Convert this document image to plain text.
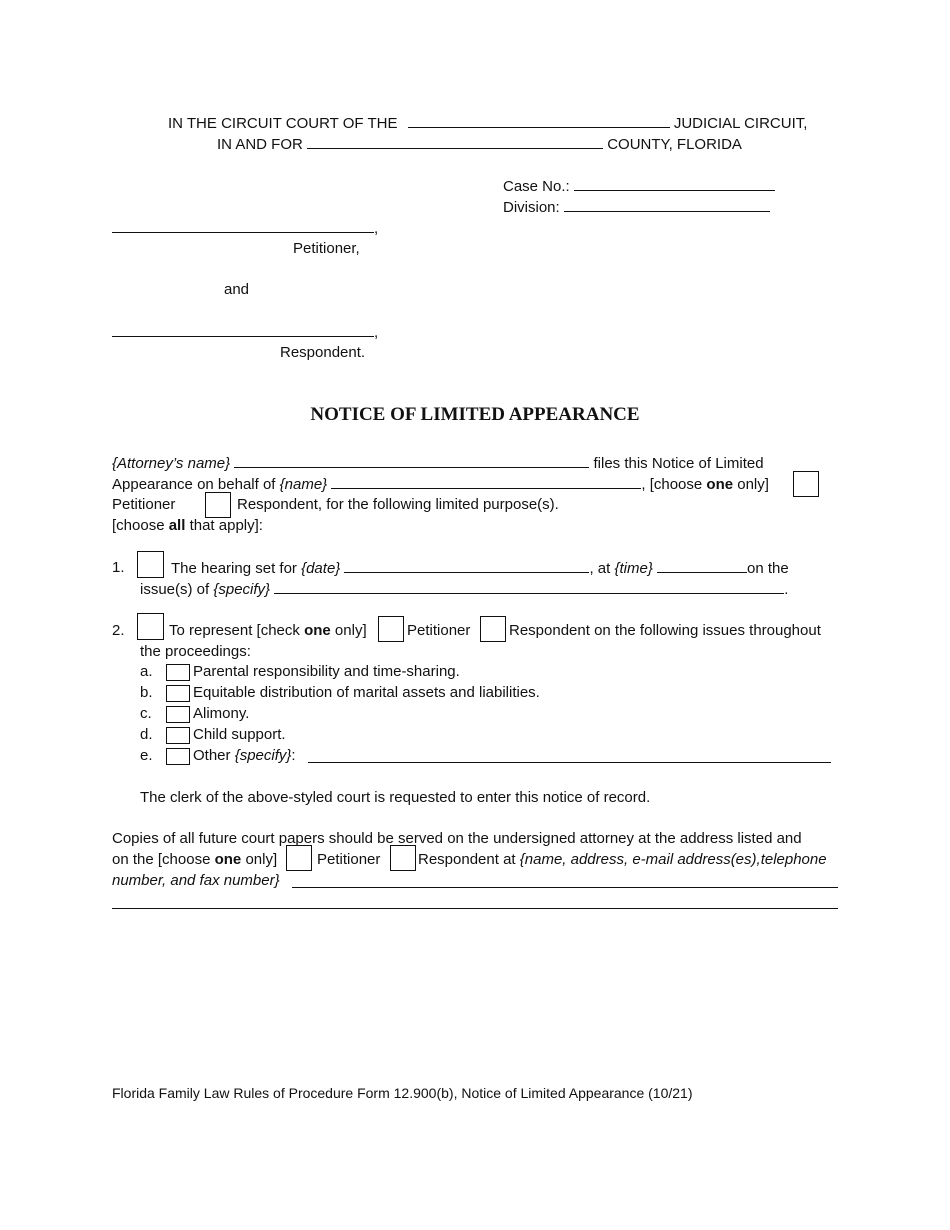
IN THE CIRCUIT COURT OF THE	JUDICIAL CIRCUIT,
IN AND FOR	COUNTY, FLORIDA
Case No.:
Division:
,
Petitioner,
and
,
Respondent.
NOTICE OF LIMITED APPEARANCE
{Attorney’s name}	files this Notice of Limited
Appearance on behalf of {name}	, [choose one only]
Petitioner	Respondent, for the following limited purpose(s).
[choose all that apply]:
1.	The hearing set for {date}	, at {time}	on the
issue(s) of {specify}	.
2.	To represent [check one only]	Petitioner	Respondent on the following issues throughout
the proceedings:
a.	Parental responsibility and time-sharing.
b.	Equitable distribution of marital assets and liabilities.
c.	Alimony.
d.	Child support.
e.	Other {specify}:
The clerk of the above-styled court is requested to enter this notice of record.
Copies of all future court papers should be served on the undersigned attorney at the address listed and
on the [choose one only]	Petitioner	Respondent at {name, address, e-mail address(es),telephone
number, and fax number}
Florida Family Law Rules of Procedure Form 12.900(b), Notice of Limited Appearance (10/21)
